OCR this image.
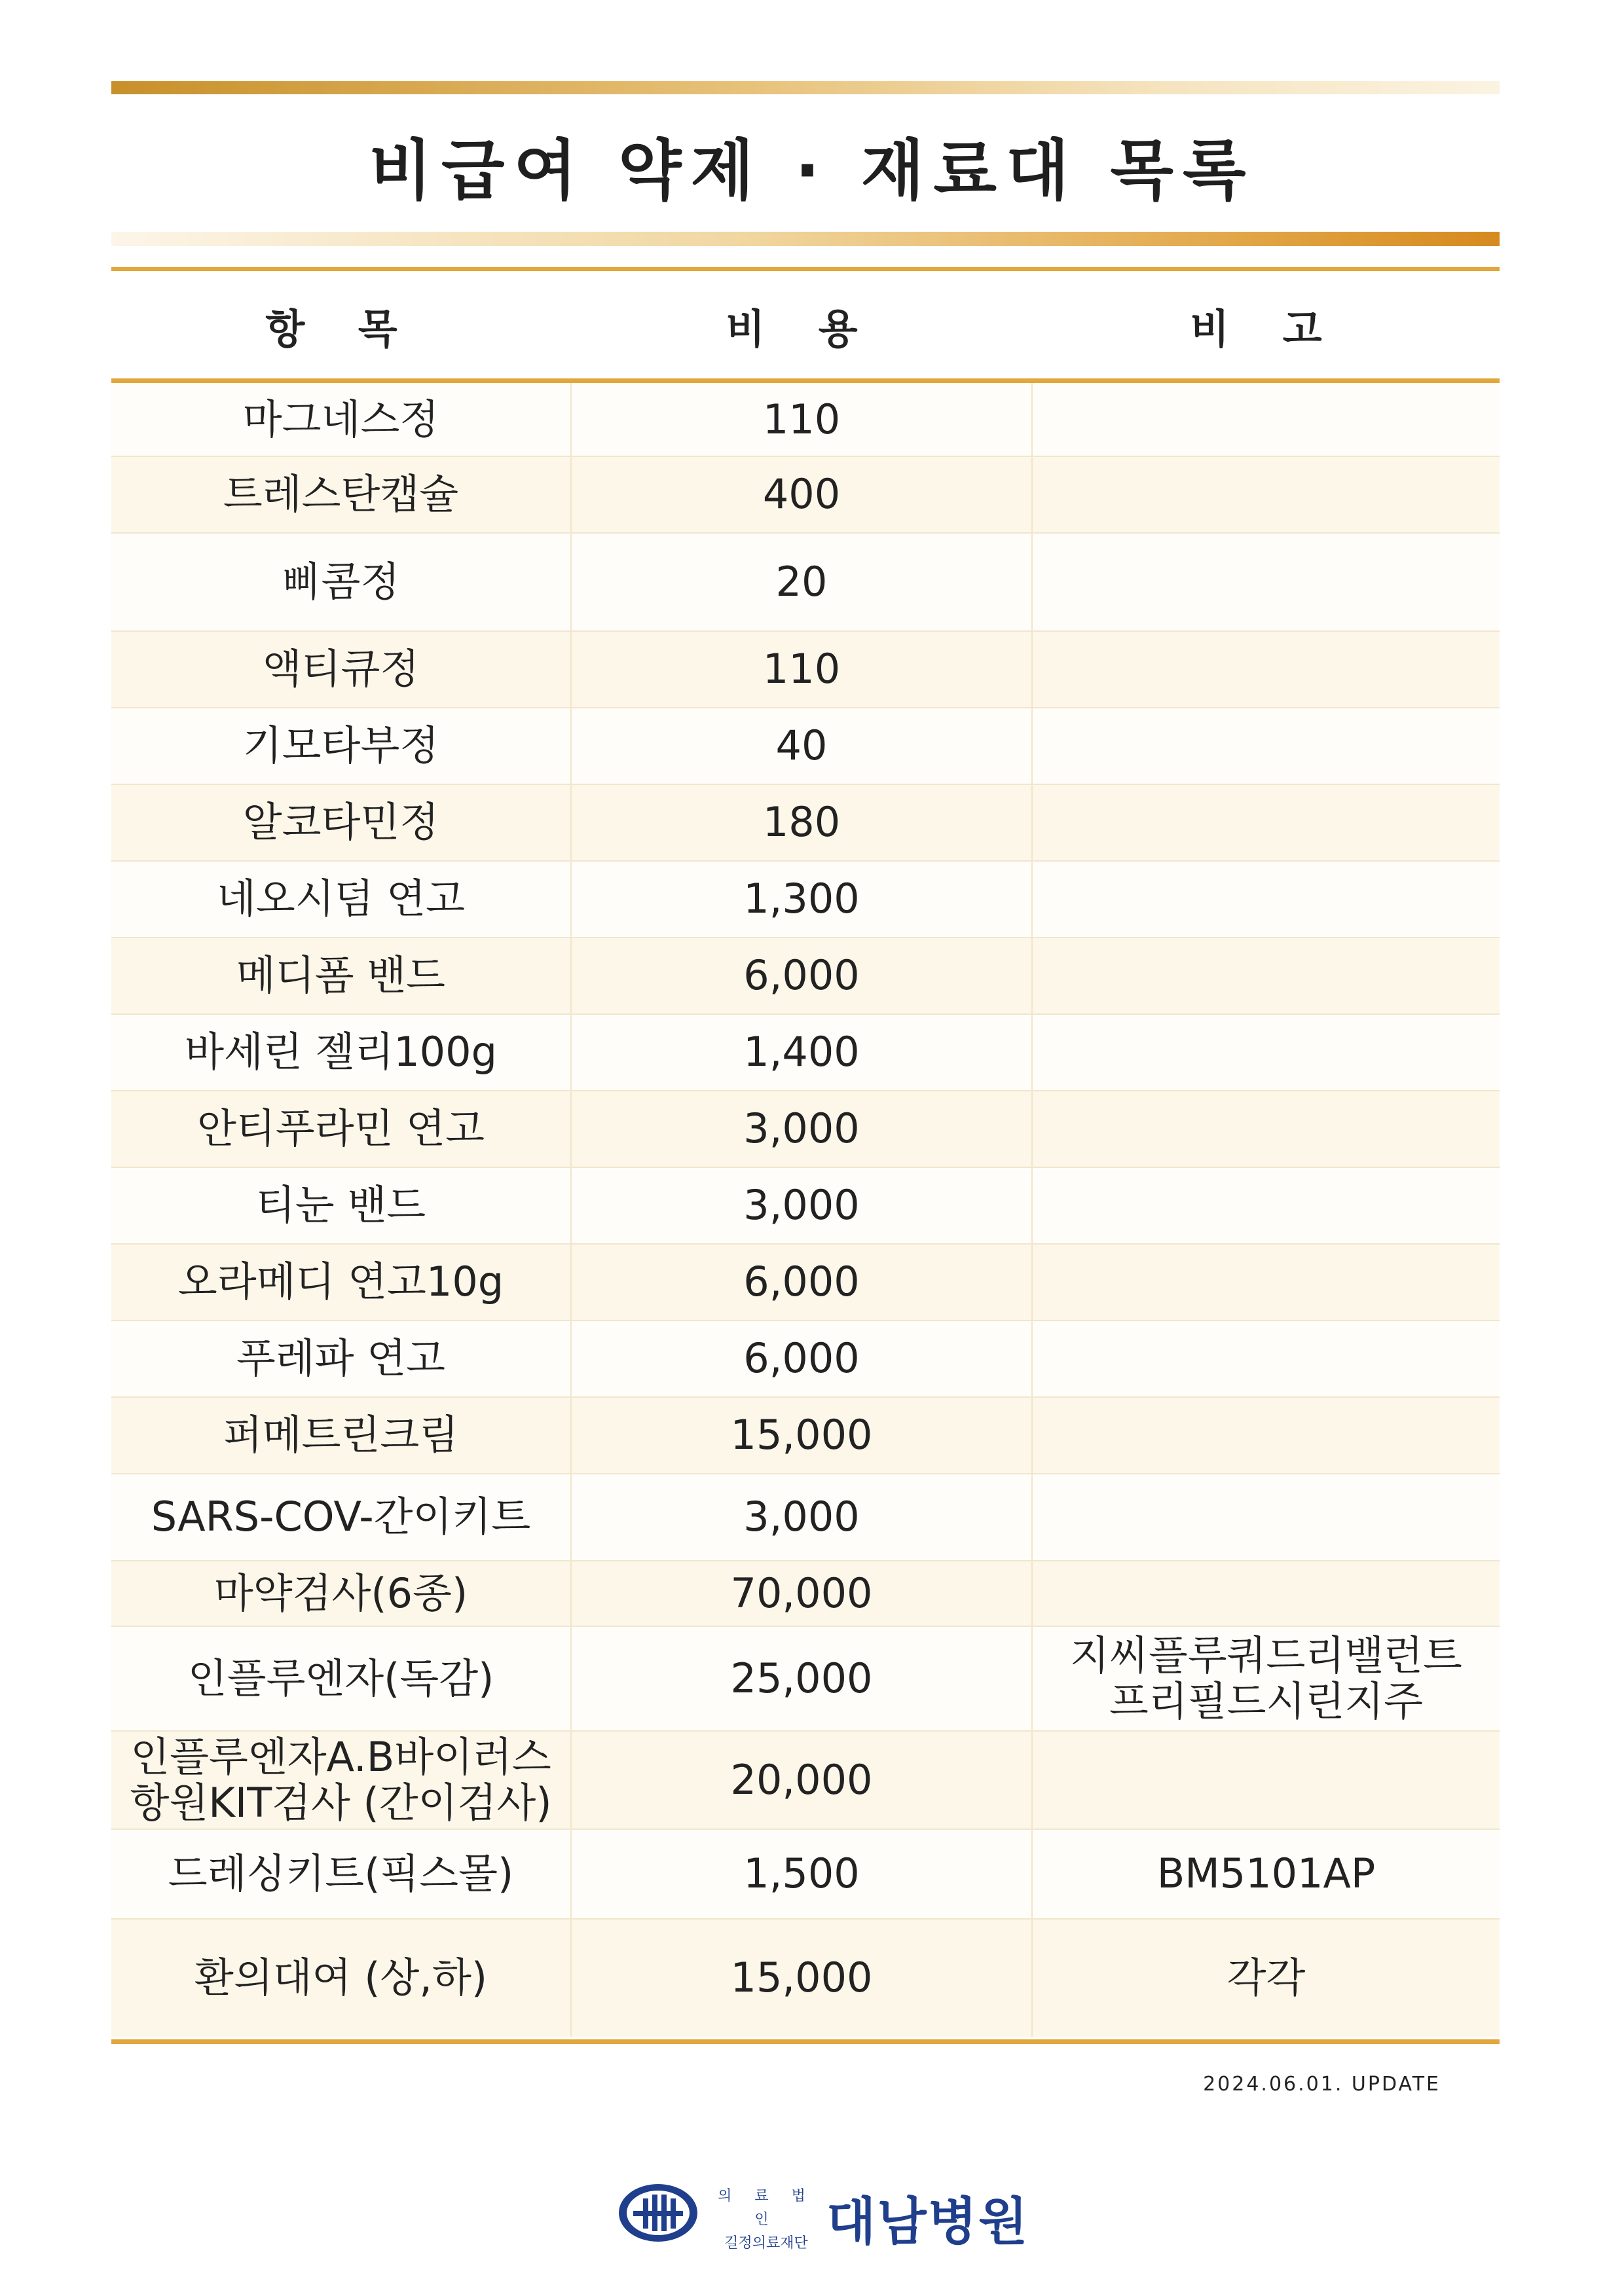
비급여 약제 · 재료대 목록
항 목	비 용	비 고
마그네스정	110	
트레스탄캡슐	400	
삐콤정	20	
액티큐정	110	
기모타부정	40	
알코타민정	180	
네오시덤 연고	1,300	
메디폼 밴드	6,000	
바세린 젤리100g	1,400	
안티푸라민 연고	3,000	
티눈 밴드	3,000	
오라메디 연고10g	6,000	
푸레파 연고	6,000	
퍼메트린크림	15,000	
SARS-COV-간이키트	3,000	
마약검사(6종)	70,000	
인플루엔자(독감)	25,000	지씨플루쿼드리밸런트
프리필드시린지주
인플루엔자A.B바이러스
항원KIT검사 (간이검사)	20,000	
드레싱키트(픽스몰)	1,500	BM5101AP
환의대여 (상,하)	15,000	각각
2024.06.01. UPDATE
의 료 법 인
길정의료재단 대남병원
